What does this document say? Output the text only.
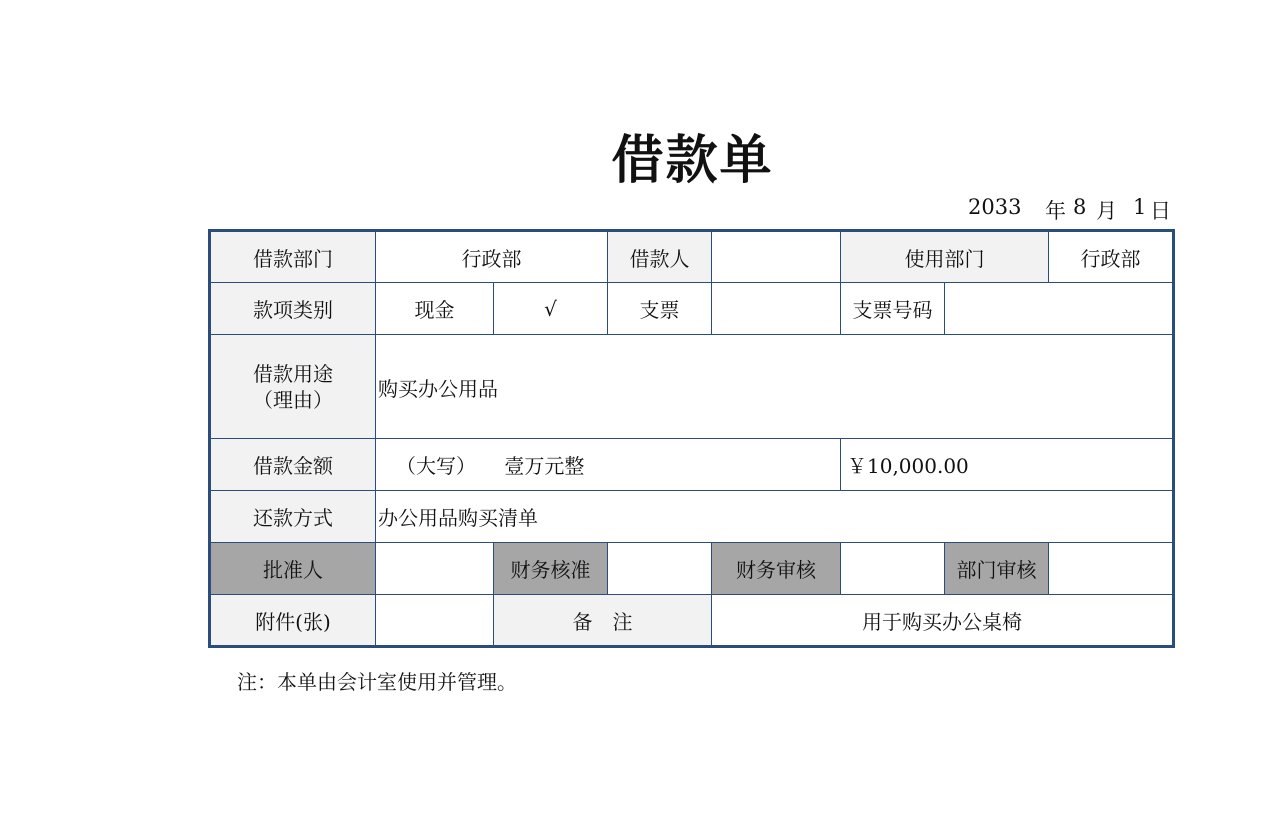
借款单
2033 年 8 月 1 日
借款部门	行政部		借款人		使用部门		行政部
款项类别	现金	√	支票		支票号码		

借款用途
（理由）	购买办公用品						
借款金额	（大写） 壹万元整				￥10,000.00		
还款方式	办公用品购买清单						
批准人		财务核准		财务审核		部门审核	
附件(张)		备　注		用于购买办公桌椅			
注：本单由会计室使用并管理。
